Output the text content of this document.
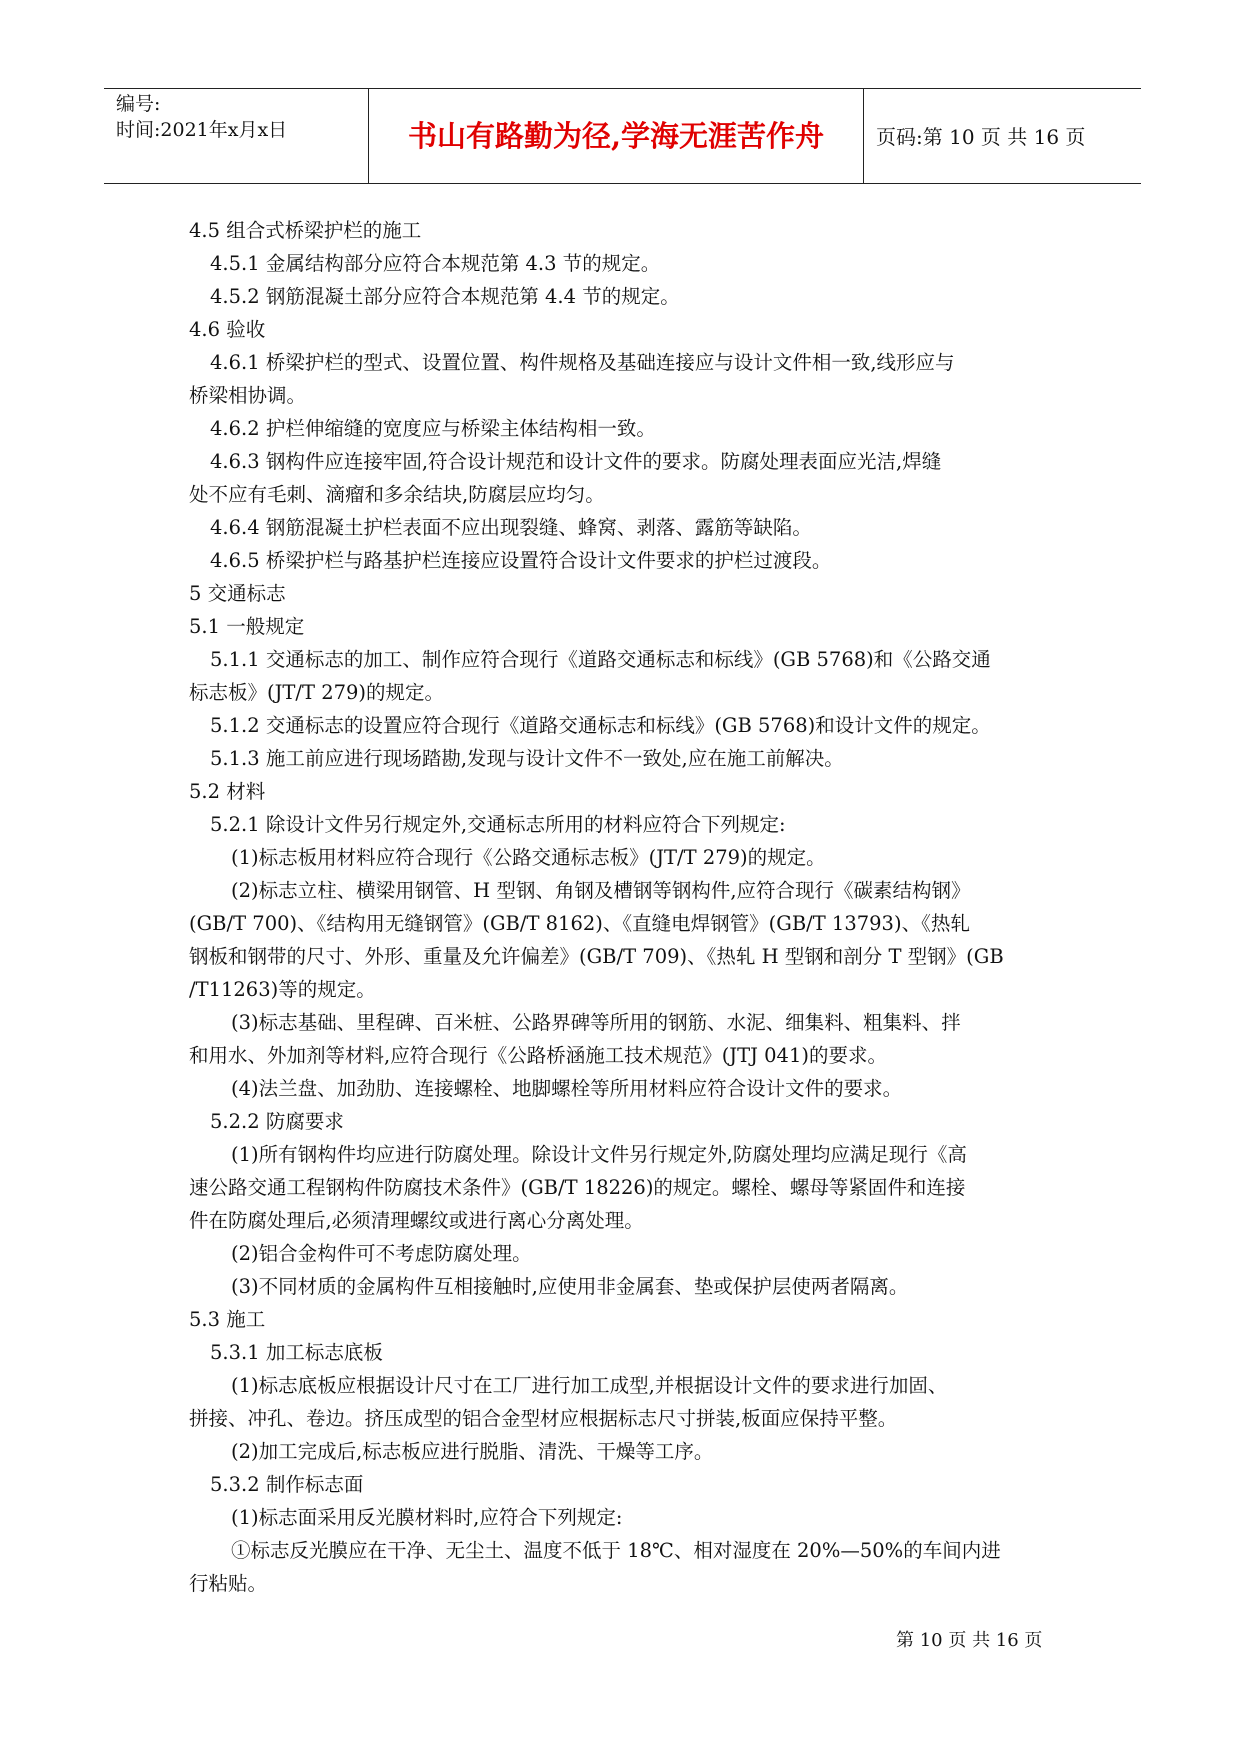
编号:
时间:2021年x月x日	书山有路勤为径,学海无涯苦作舟	页码:第 10 页 共 16 页

4.5 组合式桥梁护栏的施工

4.5.1 金属结构部分应符合本规范第 4.3 节的规定。

4.5.2 钢筋混凝土部分应符合本规范第 4.4 节的规定。

4.6 验收

4.6.1 桥梁护栏的型式、设置位置、构件规格及基础连接应与设计文件相一致,线形应与

桥梁相协调。

4.6.2 护栏伸缩缝的宽度应与桥梁主体结构相一致。

4.6.3 钢构件应连接牢固,符合设计规范和设计文件的要求。防腐处理表面应光洁,焊缝

处不应有毛刺、滴瘤和多余结块,防腐层应均匀。

4.6.4 钢筋混凝土护栏表面不应出现裂缝、蜂窝、剥落、露筋等缺陷。

4.6.5 桥梁护栏与路基护栏连接应设置符合设计文件要求的护栏过渡段。

5 交通标志

5.1 一般规定

5.1.1 交通标志的加工、制作应符合现行《道路交通标志和标线》(GB 5768)和《公路交通

标志板》(JT/T 279)的规定。

5.1.2 交通标志的设置应符合现行《道路交通标志和标线》(GB 5768)和设计文件的规定。

5.1.3 施工前应进行现场踏勘,发现与设计文件不一致处,应在施工前解决。

5.2 材料

5.2.1 除设计文件另行规定外,交通标志所用的材料应符合下列规定:

(1)标志板用材料应符合现行《公路交通标志板》(JT/T 279)的规定。

(2)标志立柱、横梁用钢管、H 型钢、角钢及槽钢等钢构件,应符合现行《碳素结构钢》

(GB/T 700)、《结构用无缝钢管》(GB/T 8162)、《直缝电焊钢管》(GB/T 13793)、《热轧

钢板和钢带的尺寸、外形、重量及允许偏差》(GB/T 709)、《热轧 H 型钢和剖分 T 型钢》(GB

/T11263)等的规定。

(3)标志基础、里程碑、百米桩、公路界碑等所用的钢筋、水泥、细集料、粗集料、拌

和用水、外加剂等材料,应符合现行《公路桥涵施工技术规范》(JTJ 041)的要求。

(4)法兰盘、加劲肋、连接螺栓、地脚螺栓等所用材料应符合设计文件的要求。

5.2.2 防腐要求

(1)所有钢构件均应进行防腐处理。除设计文件另行规定外,防腐处理均应满足现行《高

速公路交通工程钢构件防腐技术条件》(GB/T 18226)的规定。螺栓、螺母等紧固件和连接

件在防腐处理后,必须清理螺纹或进行离心分离处理。

(2)铝合金构件可不考虑防腐处理。

(3)不同材质的金属构件互相接触时,应使用非金属套、垫或保护层使两者隔离。

5.3 施工

5.3.1 加工标志底板

(1)标志底板应根据设计尺寸在工厂进行加工成型,并根据设计文件的要求进行加固、

拼接、冲孔、卷边。挤压成型的铝合金型材应根据标志尺寸拼装,板面应保持平整。

(2)加工完成后,标志板应进行脱脂、清洗、干燥等工序。

5.3.2 制作标志面

(1)标志面采用反光膜材料时,应符合下列规定:

①标志反光膜应在干净、无尘土、温度不低于 18℃、相对湿度在 20%—50%的车间内进

行粘贴。

第 10 页 共 16 页
